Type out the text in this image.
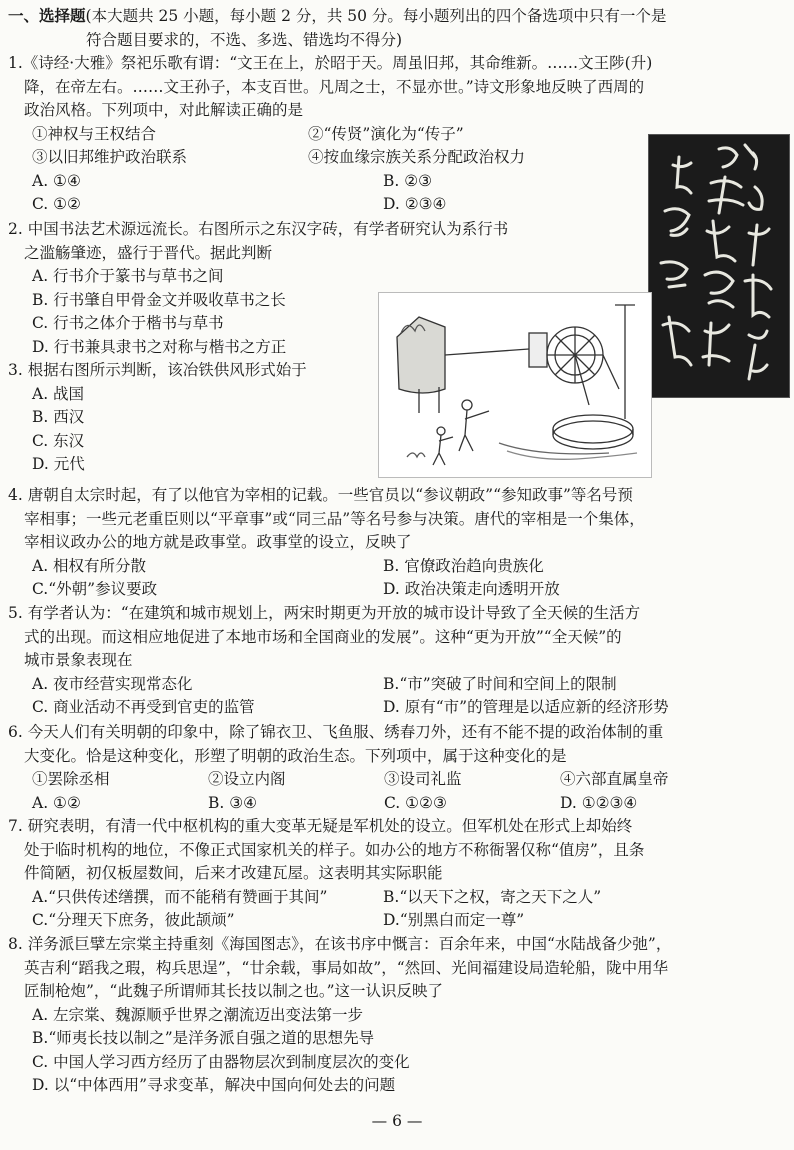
一、选择题(本大题共 25 小题，每小题 2 分，共 50 分。每小题列出的四个备选项中只有一个是
符合题目要求的，不选、多选、错选均不得分)
1.《诗经·大雅》祭祀乐歌有谓：“文王在上，於昭于天。周虽旧邦，其命维新。……文王陟(升)
降，在帝左右。……文王孙子，本支百世。凡周之士，不显亦世。”诗文形象地反映了西周的
政治风格。下列项中，对此解读正确的是
①神权与王权结合	②“传贤”演化为“传子”
③以旧邦维护政治联系	④按血缘宗族关系分配政治权力
A. ①④	B. ②③
C. ①②	D. ②③④
2. 中国书法艺术源远流长。右图所示之东汉字砖，有学者研究认为系行书
之滥觞肇迹，盛行于晋代。据此判断
A. 行书介于篆书与草书之间
B. 行书肇自甲骨金文并吸收草书之长
C. 行书之体介于楷书与草书
D. 行书兼具隶书之对称与楷书之方正
3. 根据右图所示判断，该冶铁供风形式始于
A. 战国
B. 西汉
C. 东汉
D. 元代
4. 唐朝自太宗时起，有了以他官为宰相的记载。一些官员以“参议朝政”“参知政事”等名号预
宰相事；一些元老重臣则以“平章事”或“同三品”等名号参与决策。唐代的宰相是一个集体，
宰相议政办公的地方就是政事堂。政事堂的设立，反映了
A. 相权有所分散	B. 官僚政治趋向贵族化
C.“外朝”参议要政	D. 政治决策走向透明开放
5. 有学者认为：“在建筑和城市规划上，两宋时期更为开放的城市设计导致了全天候的生活方
式的出现。而这相应地促进了本地市场和全国商业的发展”。这种“更为开放”“全天候”的
城市景象表现在
A. 夜市经营实现常态化	B.“市”突破了时间和空间上的限制
C. 商业活动不再受到官吏的监管	D. 原有“市”的管理是以适应新的经济形势
6. 今天人们有关明朝的印象中，除了锦衣卫、飞鱼服、绣春刀外，还有不能不提的政治体制的重
大变化。恰是这种变化，形塑了明朝的政治生态。下列项中，属于这种变化的是
①罢除丞相	②设立内阁	③设司礼监	④六部直属皇帝
A. ①②	B. ③④	C. ①②③	D. ①②③④
7. 研究表明，有清一代中枢机构的重大变革无疑是军机处的设立。但军机处在形式上却始终
处于临时机构的地位，不像正式国家机关的样子。如办公的地方不称衙署仅称“值房”，且条
件简陋，初仅板屋数间，后来才改建瓦屋。这表明其实际职能
A.“只供传述缮撰，而不能稍有赞画于其间”	B.“以天下之权，寄之天下之人”
C.“分理天下庶务，彼此颉颃”	D.“别黑白而定一尊”
8. 洋务派巨擘左宗棠主持重刻《海国图志》，在该书序中慨言：百余年来，中国“水陆战备少弛”，
英吉利“蹈我之瑕，构兵思逞”，“廿余载，事局如故”，“然回、光间福建设局造轮船，陇中用华
匠制枪炮”，“此魏子所谓师其长技以制之也。”这一认识反映了
A. 左宗棠、魏源顺乎世界之潮流迈出变法第一步
B.“师夷长技以制之”是洋务派自强之道的思想先导
C. 中国人学习西方经历了由器物层次到制度层次的变化
D. 以“中体西用”寻求变革，解决中国向何处去的问题
— 6 —
